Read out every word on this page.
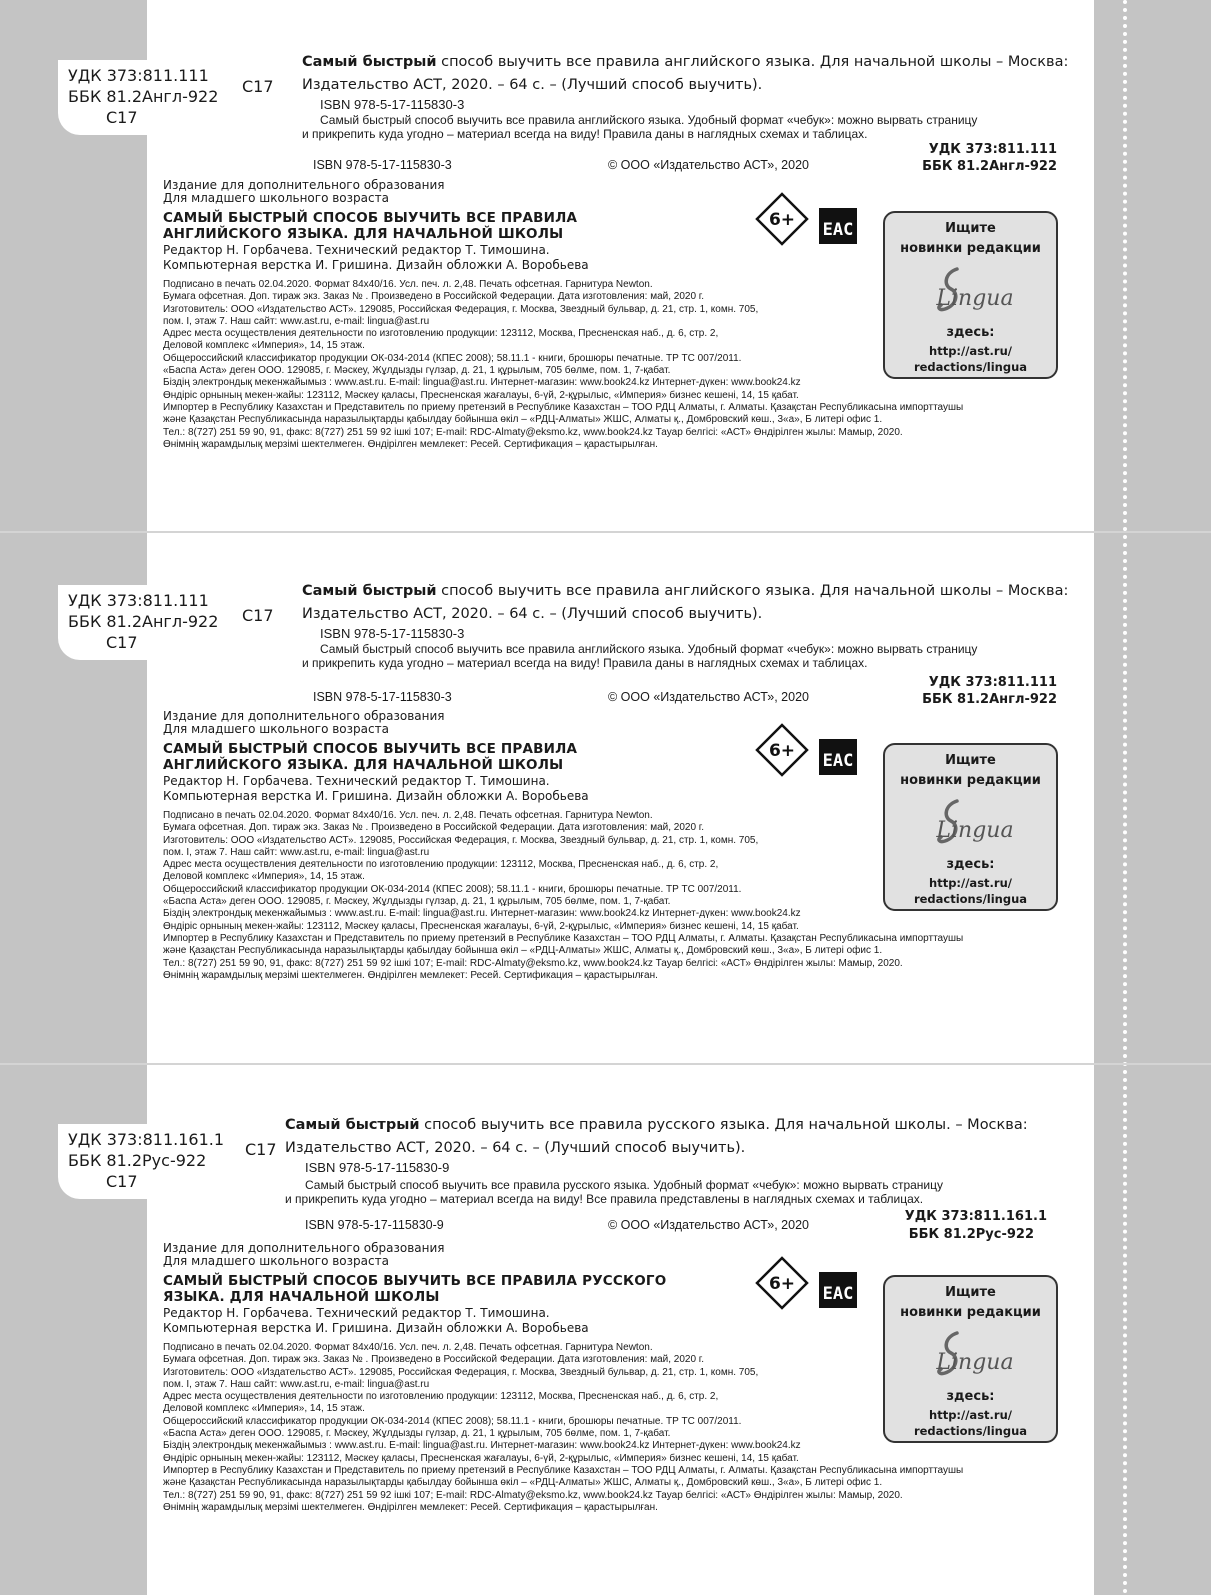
УДК 373:811.111
ББК 81.2Англ-922
С17
С17
Самый быстрый способ выучить все правила английского языка. Для начальной школы – Москва:
Издательство АСТ, 2020. – 64 с. – (Лучший способ выучить).
ISBN 978-5-17-115830-3
Самый быстрый способ выучить все правила английского языка. Удобный формат «чебук»: можно вырвать страницу
и прикрепить куда угодно – материал всегда на виду! Правила даны в наглядных схемах и таблицах.
УДК 373:811.111
ББК 81.2Англ-922
ISBN 978-5-17-115830-3	© ООО «Издательство АСТ», 2020
Издание для дополнительного образования
Для младшего школьного возраста
САМЫЙ БЫСТРЫЙ СПОСОБ ВЫУЧИТЬ ВСЕ ПРАВИЛА
АНГЛИЙСКОГО ЯЗЫКА. ДЛЯ НАЧАЛЬНОЙ ШКОЛЫ
Редактор Н. Горбачева. Технический редактор Т. Тимошина.
Компьютерная верстка И. Гришина. Дизайн обложки А. Воробьева
Подписано в печать 02.04.2020. Формат 84x40/16. Усл. печ. л. 2,48. Печать офсетная. Гарнитура Newton.
Бумага офсетная. Доп. тираж экз. Заказ № . Произведено в Российской Федерации. Дата изготовления: май, 2020 г.
Изготовитель: ООО «Издательство АСТ». 129085, Российская Федерация, г. Москва, Звездный бульвар, д. 21, стр. 1, комн. 705,
пом. I, этаж 7. Наш сайт: www.ast.ru, e-mail: lingua@ast.ru
Адрес места осуществления деятельности по изготовлению продукции: 123112, Москва, Пресненская наб., д. 6, стр. 2,
Деловой комплекс «Империя», 14, 15 этаж.
Общероссийский классификатор продукции ОК-034-2014 (КПЕС 2008); 58.11.1 - книги, брошюры печатные. ТР ТС 007/2011.
«Баспа Аста» деген ООО. 129085, г. Мәскеу, Жұлдызды гүлзар, д. 21, 1 құрылым, 705 бөлме, пом. 1, 7-қабат.
Біздің электрондық мекенжайымыз : www.ast.ru. E-mail: lingua@ast.ru. Интернет-магазин: www.book24.kz Интернет-дүкен: www.book24.kz
Өндіріс орнының мекен-жайы: 123112, Мәскеу қаласы, Пресненская жағалауы, 6-үй, 2-құрылыс, «Империя» бизнес кешені, 14, 15 қабат.
Импортер в Республику Казахстан и Представитель по приему претензий в Республике Казахстан – ТОО РДЦ Алматы, г. Алматы. Қазақстан Республикасына импорттаушы
және Қазақстан Республикасында наразылықтарды қабылдау бойынша өкіл – «РДЦ-Алматы» ЖШС, Алматы қ., Домбровский көш., 3«а», Б литері офис 1.
Тел.: 8(727) 251 59 90, 91, факс: 8(727) 251 59 92 ішкі 107; E-mail: RDC-Almaty@eksmo.kz, www.book24.kz Тауар белгісі: «АСТ» Өндірілген жылы: Мамыр, 2020.
Өнімнің жарамдылық мерзімі шектелмеген. Өндірілген мемлекет: Ресей. Сертификация – қарастырылған.
6+ EAC	Ищите
новинки редакции
Lingua
здесь:
http://ast.ru/
redactions/lingua
УДК 373:811.111
ББК 81.2Англ-922
С17
С17
Самый быстрый способ выучить все правила английского языка. Для начальной школы – Москва:
Издательство АСТ, 2020. – 64 с. – (Лучший способ выучить).
ISBN 978-5-17-115830-3
Самый быстрый способ выучить все правила английского языка. Удобный формат «чебук»: можно вырвать страницу
и прикрепить куда угодно – материал всегда на виду! Правила даны в наглядных схемах и таблицах.
УДК 373:811.111
ББК 81.2Англ-922
ISBN 978-5-17-115830-3	© ООО «Издательство АСТ», 2020
Издание для дополнительного образования
Для младшего школьного возраста
САМЫЙ БЫСТРЫЙ СПОСОБ ВЫУЧИТЬ ВСЕ ПРАВИЛА
АНГЛИЙСКОГО ЯЗЫКА. ДЛЯ НАЧАЛЬНОЙ ШКОЛЫ
Редактор Н. Горбачева. Технический редактор Т. Тимошина.
Компьютерная верстка И. Гришина. Дизайн обложки А. Воробьева
Подписано в печать 02.04.2020. Формат 84x40/16. Усл. печ. л. 2,48. Печать офсетная. Гарнитура Newton.
Бумага офсетная. Доп. тираж экз. Заказ № . Произведено в Российской Федерации. Дата изготовления: май, 2020 г.
Изготовитель: ООО «Издательство АСТ». 129085, Российская Федерация, г. Москва, Звездный бульвар, д. 21, стр. 1, комн. 705,
пом. I, этаж 7. Наш сайт: www.ast.ru, e-mail: lingua@ast.ru
Адрес места осуществления деятельности по изготовлению продукции: 123112, Москва, Пресненская наб., д. 6, стр. 2,
Деловой комплекс «Империя», 14, 15 этаж.
Общероссийский классификатор продукции ОК-034-2014 (КПЕС 2008); 58.11.1 - книги, брошюры печатные. ТР ТС 007/2011.
«Баспа Аста» деген ООО. 129085, г. Мәскеу, Жұлдызды гүлзар, д. 21, 1 құрылым, 705 бөлме, пом. 1, 7-қабат.
Біздің электрондық мекенжайымыз : www.ast.ru. E-mail: lingua@ast.ru. Интернет-магазин: www.book24.kz Интернет-дүкен: www.book24.kz
Өндіріс орнының мекен-жайы: 123112, Мәскеу қаласы, Пресненская жағалауы, 6-үй, 2-құрылыс, «Империя» бизнес кешені, 14, 15 қабат.
Импортер в Республику Казахстан и Представитель по приему претензий в Республике Казахстан – ТОО РДЦ Алматы, г. Алматы. Қазақстан Республикасына импорттаушы
және Қазақстан Республикасында наразылықтарды қабылдау бойынша өкіл – «РДЦ-Алматы» ЖШС, Алматы қ., Домбровский көш., 3«а», Б литері офис 1.
Тел.: 8(727) 251 59 90, 91, факс: 8(727) 251 59 92 ішкі 107; E-mail: RDC-Almaty@eksmo.kz, www.book24.kz Тауар белгісі: «АСТ» Өндірілген жылы: Мамыр, 2020.
Өнімнің жарамдылық мерзімі шектелмеген. Өндірілген мемлекет: Ресей. Сертификация – қарастырылған.
6+ EAC	Ищите
новинки редакции
Lingua
здесь:
http://ast.ru/
redactions/lingua
УДК 373:811.161.1
ББК 81.2Рус-922
С17
С17
Самый быстрый способ выучить все правила русского языка. Для начальной школы. – Москва:
Издательство АСТ, 2020. – 64 с. – (Лучший способ выучить).
ISBN 978-5-17-115830-9
Самый быстрый способ выучить все правила русского языка. Удобный формат «чебук»: можно вырвать страницу
и прикрепить куда угодно – материал всегда на виду! Все правила представлены в наглядных схемах и таблицах.
УДК 373:811.161.1
ББК 81.2Рус-922
ISBN 978-5-17-115830-9	© ООО «Издательство АСТ», 2020
Издание для дополнительного образования
Для младшего школьного возраста
САМЫЙ БЫСТРЫЙ СПОСОБ ВЫУЧИТЬ ВСЕ ПРАВИЛА РУССКОГО
ЯЗЫКА. ДЛЯ НАЧАЛЬНОЙ ШКОЛЫ
Редактор Н. Горбачева. Технический редактор Т. Тимошина.
Компьютерная верстка И. Гришина. Дизайн обложки А. Воробьева
Подписано в печать 02.04.2020. Формат 84x40/16. Усл. печ. л. 2,48. Печать офсетная. Гарнитура Newton.
Бумага офсетная. Доп. тираж экз. Заказ № . Произведено в Российской Федерации. Дата изготовления: май, 2020 г.
Изготовитель: ООО «Издательство АСТ». 129085, Российская Федерация, г. Москва, Звездный бульвар, д. 21, стр. 1, комн. 705,
пом. I, этаж 7. Наш сайт: www.ast.ru, e-mail: lingua@ast.ru
Адрес места осуществления деятельности по изготовлению продукции: 123112, Москва, Пресненская наб., д. 6, стр. 2,
Деловой комплекс «Империя», 14, 15 этаж.
Общероссийский классификатор продукции ОК-034-2014 (КПЕС 2008); 58.11.1 - книги, брошюры печатные. ТР ТС 007/2011.
«Баспа Аста» деген ООО. 129085, г. Мәскеу, Жұлдызды гүлзар, д. 21, 1 құрылым, 705 бөлме, пом. 1, 7-қабат.
Біздің электрондық мекенжайымыз : www.ast.ru. E-mail: lingua@ast.ru. Интернет-магазин: www.book24.kz Интернет-дүкен: www.book24.kz
Өндіріс орнының мекен-жайы: 123112, Мәскеу қаласы, Пресненская жағалауы, 6-үй, 2-құрылыс, «Империя» бизнес кешені, 14, 15 қабат.
Импортер в Республику Казахстан и Представитель по приему претензий в Республике Казахстан – ТОО РДЦ Алматы, г. Алматы. Қазақстан Республикасына импорттаушы
және Қазақстан Республикасында наразылықтарды қабылдау бойынша өкіл – «РДЦ-Алматы» ЖШС, Алматы қ., Домбровский көш., 3«а», Б литері офис 1.
Тел.: 8(727) 251 59 90, 91, факс: 8(727) 251 59 92 ішкі 107; E-mail: RDC-Almaty@eksmo.kz, www.book24.kz Тауар белгісі: «АСТ» Өндірілген жылы: Мамыр, 2020.
Өнімнің жарамдылық мерзімі шектелмеген. Өндірілген мемлекет: Ресей. Сертификация – қарастырылған.
6+ EAC	Ищите
новинки редакции
Lingua
здесь:
http://ast.ru/
redactions/lingua
